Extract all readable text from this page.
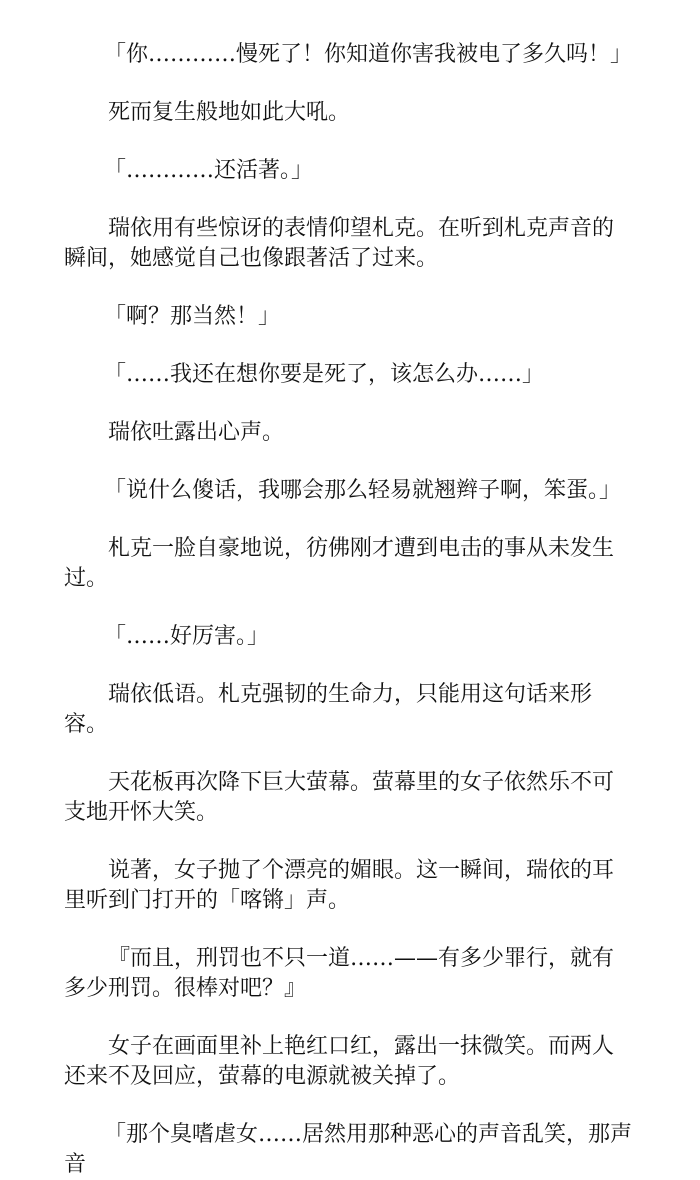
「你…………慢死了！你知道你害我被电了多久吗！」

死而复生般地如此大吼。

「…………还活著。」

瑞依用有些惊讶的表情仰望札克。在听到札克声音的瞬间，她感觉自己也像跟著活了过来。

「啊？那当然！」

「……我还在想你要是死了，该怎么办……」

瑞依吐露出心声。

「说什么傻话，我哪会那么轻易就翘辫子啊，笨蛋。」

札克一脸自豪地说，彷佛刚才遭到电击的事从未发生过。

「……好厉害。」

瑞依低语。札克强韧的生命力，只能用这句话来形容。

天花板再次降下巨大萤幕。萤幕里的女子依然乐不可支地开怀大笑。

说著，女子抛了个漂亮的媚眼。这一瞬间，瑞依的耳里听到门打开的「喀锵」声。

『而且，刑罚也不只一道……——有多少罪行，就有多少刑罚。很棒对吧？』

女子在画面里补上艳红口红，露出一抹微笑。而两人还来不及回应，萤幕的电源就被关掉了。

「那个臭嗜虐女……居然用那种恶心的声音乱笑，那声音
